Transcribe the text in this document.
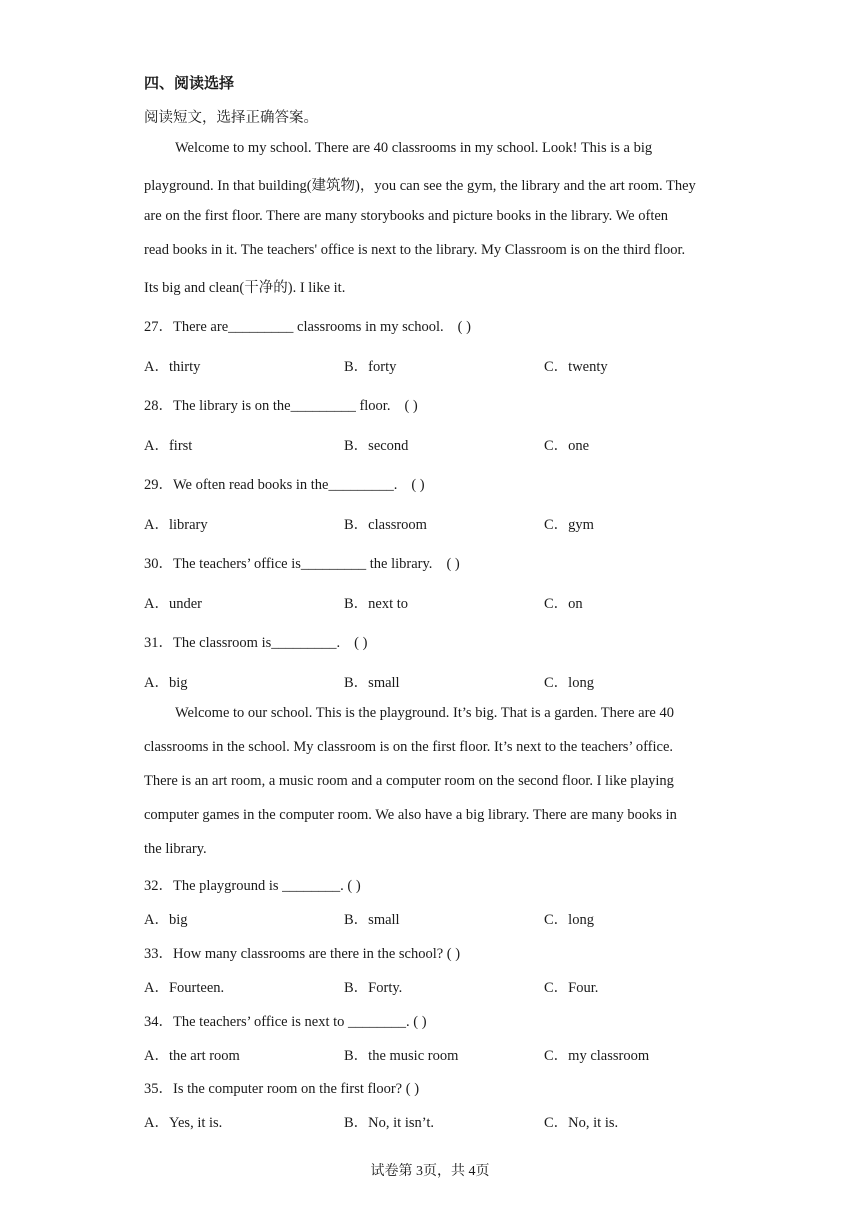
四、阅读选择
阅读短文，选择正确答案。
Welcome to my school. There are 40 classrooms in my school. Look! This is a big
playground. In that building(建筑物)，you can see the gym, the library and the art room. They
are on the first floor. There are many storybooks and picture books in the library. We often
read books in it. The teachers' office is next to the library. My Classroom is on the third floor.
Its big and clean(干净的). I like it.
27．There are_________ classrooms in my school. ( )
A．thirty	B．forty	C．twenty
28．The library is on the_________ floor. ( )
A．first	B．second	C．one
29．We often read books in the_________. ( )
A．library	B．classroom	C．gym
30．The teachers’ office is_________ the library. ( )
A．under	B．next to	C．on
31．The classroom is_________. ( )
A．big	B．small	C．long
Welcome to our school. This is the playground. It’s big. That is a garden. There are 40
classrooms in the school. My classroom is on the first floor. It’s next to the teachers’ office.
There is an art room, a music room and a computer room on the second floor. I like playing
computer games in the computer room. We also have a big library. There are many books in
the library.
32．The playground is ________. ( )
A．big	B．small	C．long
33．How many classrooms are there in the school? ( )
A．Fourteen.	B．Forty.	C．Four.
34．The teachers’ office is next to ________. ( )
A．the art room	B．the music room	C．my classroom
35．Is the computer room on the first floor? ( )
A．Yes, it is.	B．No, it isn’t.	C．No, it is.
试卷第 3页，共 4页
